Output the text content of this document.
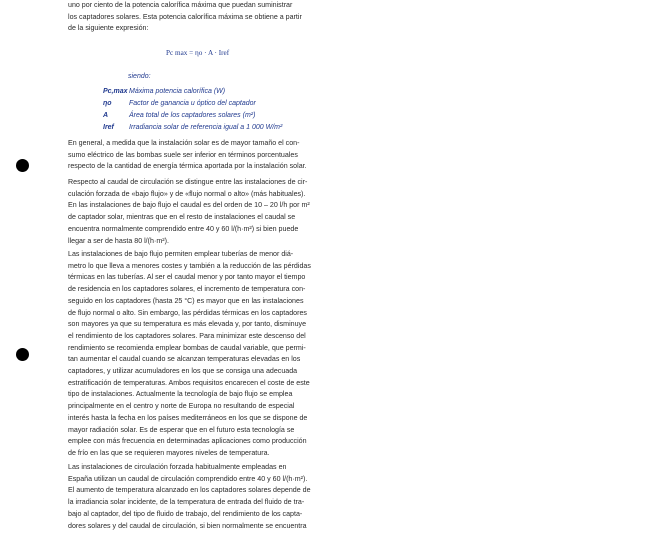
uno por ciento de la potencia calorífica máxima que puedan suministrar
los captadores solares. Esta potencia calorífica máxima se obtiene a partir
de la siguiente expresión:
Pc max = ηo · A · Iref
siendo:
Pc,max Máxima potencia calorífica (W)
ηo Factor de ganancia u óptico del captador
A	Área total de los captadores solares (m²)
Iref Irradiancia solar de referencia igual a 1 000 W/m²
En general, a medida que la instalación solar es de mayor tamaño el con-
sumo eléctrico de las bombas suele ser inferior en términos porcentuales
respecto de la cantidad de energía térmica aportada por la instalación solar.
Respecto al caudal de circulación se distingue entre las instalaciones de cir-
culación forzada de «bajo flujo» y de «flujo normal o alto» (más habituales).
En las instalaciones de bajo flujo el caudal es del orden de 10 – 20 l/h por m²
de captador solar, mientras que en el resto de instalaciones el caudal se
encuentra normalmente comprendido entre 40 y 60 l/(h·m²) si bien puede
llegar a ser de hasta 80 l/(h·m²).
Las instalaciones de bajo flujo permiten emplear tuberías de menor diá-
metro lo que lleva a menores costes y también a la reducción de las pérdidas
térmicas en las tuberías. Al ser el caudal menor y por tanto mayor el tiempo
de residencia en los captadores solares, el incremento de temperatura con-
seguido en los captadores (hasta 25 °C) es mayor que en las instalaciones
de flujo normal o alto. Sin embargo, las pérdidas térmicas en los captadores
son mayores ya que su temperatura es más elevada y, por tanto, disminuye
el rendimiento de los captadores solares. Para minimizar este descenso del
rendimiento se recomienda emplear bombas de caudal variable, que permi-
tan aumentar el caudal cuando se alcanzan temperaturas elevadas en los
captadores, y utilizar acumuladores en los que se consiga una adecuada
estratificación de temperaturas. Ambos requisitos encarecen el coste de este
tipo de instalaciones. Actualmente la tecnología de bajo flujo se emplea
principalmente en el centro y norte de Europa no resultando de especial
interés hasta la fecha en los países mediterráneos en los que se dispone de
mayor radiación solar. Es de esperar que en el futuro esta tecnología se
emplee con más frecuencia en determinadas aplicaciones como producción
de frío en las que se requieren mayores niveles de temperatura.
Las instalaciones de circulación forzada habitualmente empleadas en
España utilizan un caudal de circulación comprendido entre 40 y 60 l/(h·m²).
El aumento de temperatura alcanzado en los captadores solares depende de
la irradiancia solar incidente, de la temperatura de entrada del fluido de tra-
bajo al captador, del tipo de fluido de trabajo, del rendimiento de los capta-
dores solares y del caudal de circulación, si bien normalmente se encuentra
